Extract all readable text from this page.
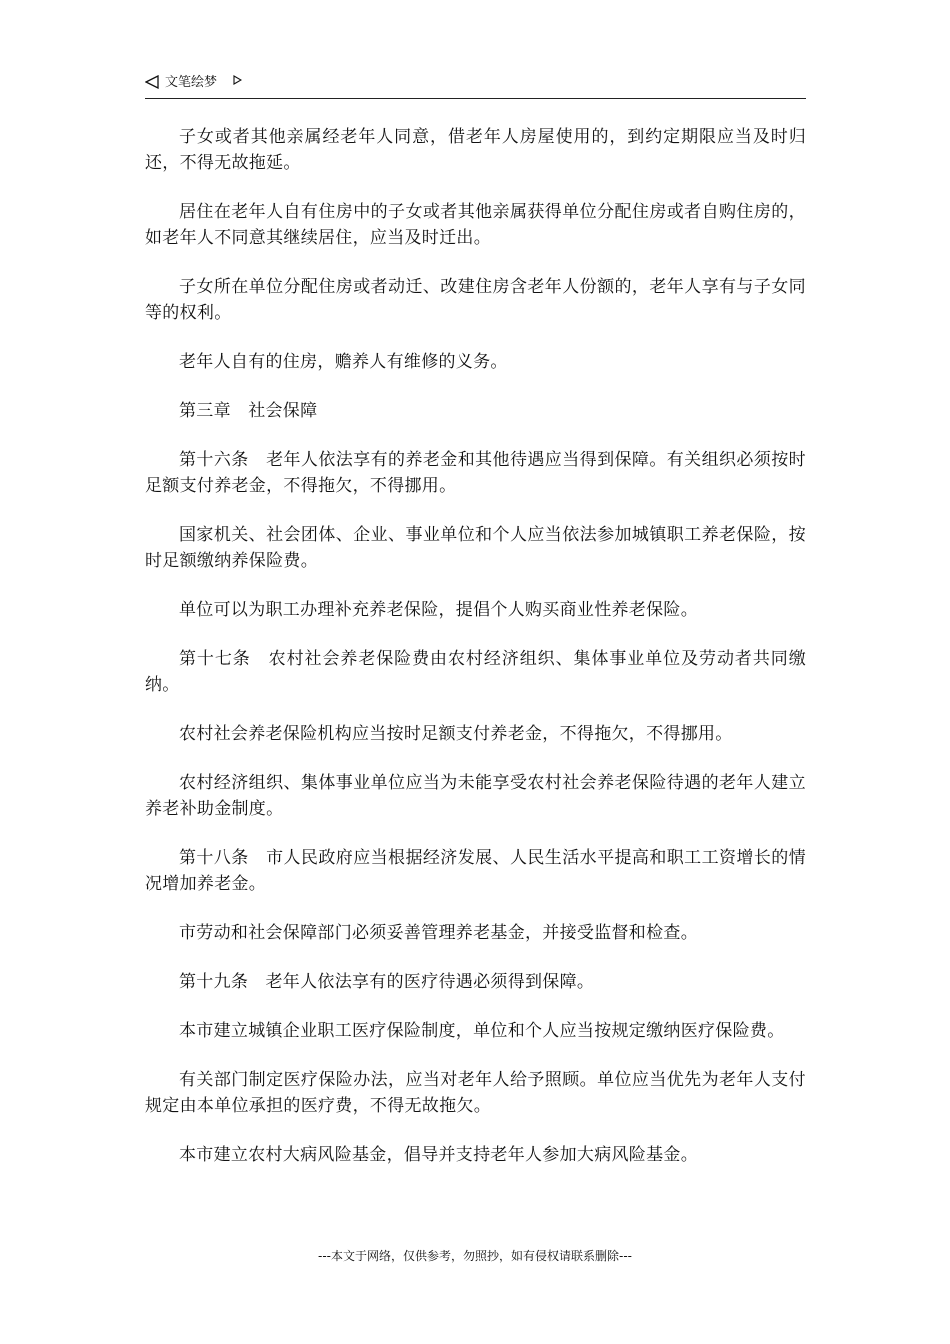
文笔绘梦

子女或者其他亲属经老年人同意，借老年人房屋使用的，到约定期限应当及时归还，不得无故拖延。

居住在老年人自有住房中的子女或者其他亲属获得单位分配住房或者自购住房的，如老年人不同意其继续居住，应当及时迁出。

子女所在单位分配住房或者动迁、改建住房含老年人份额的，老年人享有与子女同等的权利。

老年人自有的住房，赡养人有维修的义务。

第三章　社会保障

第十六条　老年人依法享有的养老金和其他待遇应当得到保障。有关组织必须按时足额支付养老金，不得拖欠，不得挪用。

国家机关、社会团体、企业、事业单位和个人应当依法参加城镇职工养老保险，按时足额缴纳养保险费。

单位可以为职工办理补充养老保险，提倡个人购买商业性养老保险。

第十七条　农村社会养老保险费由农村经济组织、集体事业单位及劳动者共同缴纳。

农村社会养老保险机构应当按时足额支付养老金，不得拖欠，不得挪用。

农村经济组织、集体事业单位应当为未能享受农村社会养老保险待遇的老年人建立养老补助金制度。

第十八条　市人民政府应当根据经济发展、人民生活水平提高和职工工资增长的情况增加养老金。

市劳动和社会保障部门必须妥善管理养老基金，并接受监督和检查。

第十九条　老年人依法享有的医疗待遇必须得到保障。

本市建立城镇企业职工医疗保险制度，单位和个人应当按规定缴纳医疗保险费。

有关部门制定医疗保险办法，应当对老年人给予照顾。单位应当优先为老年人支付规定由本单位承担的医疗费，不得无故拖欠。

本市建立农村大病风险基金，倡导并支持老年人参加大病风险基金。

---本文于网络，仅供参考，勿照抄，如有侵权请联系删除---
